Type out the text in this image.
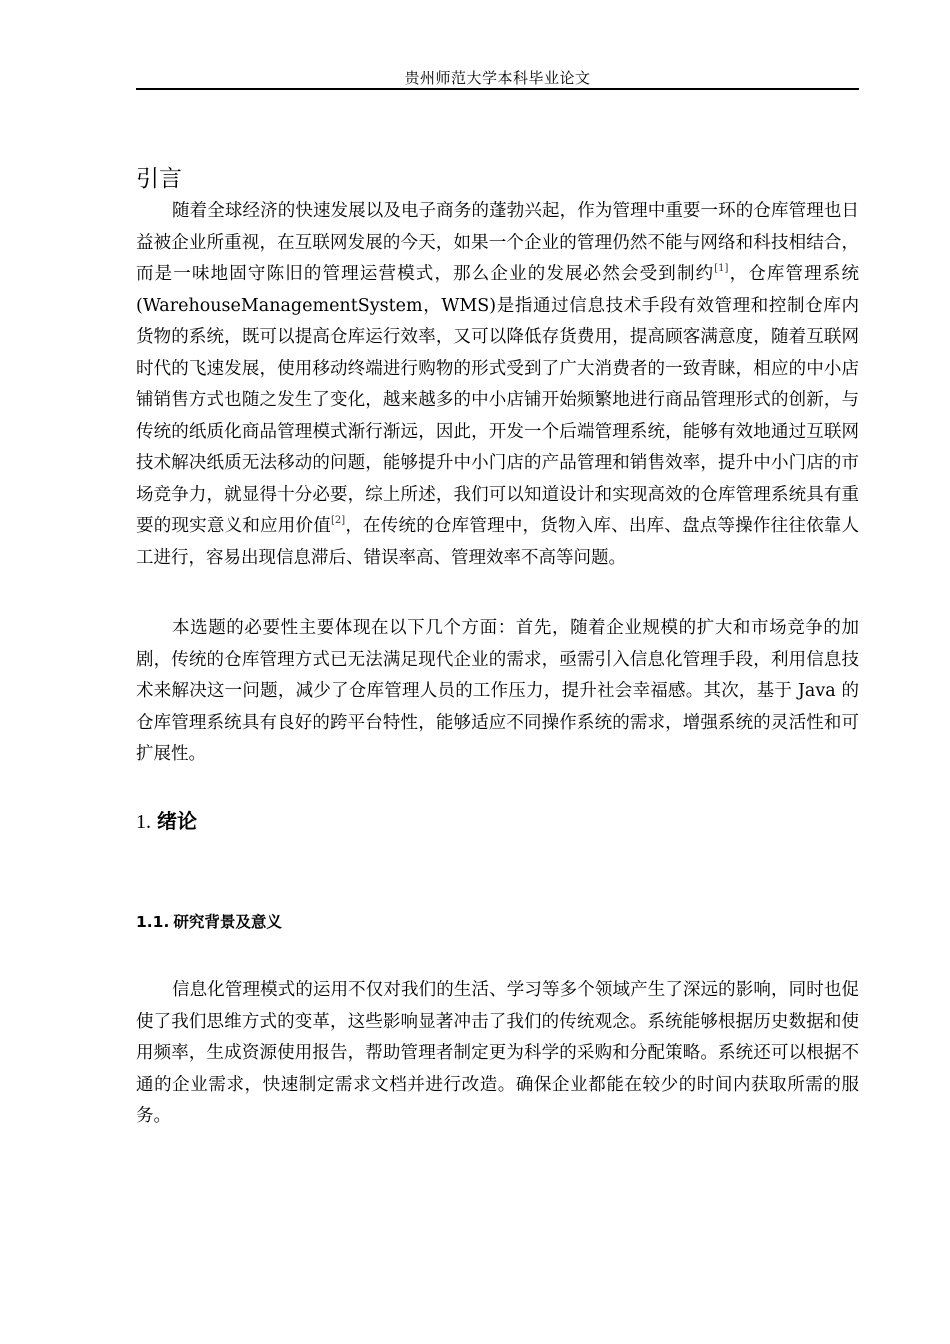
贵州师范大学本科毕业论文
引言

随着全球经济的快速发展以及电子商务的蓬勃兴起，作为管理中重要一环的仓库管理也日益被企业所重视，在互联网发展的今天，如果一个企业的管理仍然不能与网络和科技相结合，而是一味地固守陈旧的管理运营模式，那么企业的发展必然会受到制约[1]，仓库管理系统(WarehouseManagementSystem，WMS)是指通过信息技术手段有效管理和控制仓库内货物的系统，既可以提高仓库运行效率，又可以降低存货费用，提高顾客满意度，随着互联网时代的飞速发展，使用移动终端进行购物的形式受到了广大消费者的一致青睐，相应的中小店铺销售方式也随之发生了变化，越来越多的中小店铺开始频繁地进行商品管理形式的创新，与传统的纸质化商品管理模式渐行渐远，因此，开发一个后端管理系统，能够有效地通过互联网技术解决纸质无法移动的问题，能够提升中小门店的产品管理和销售效率，提升中小门店的市场竞争力，就显得十分必要，综上所述，我们可以知道设计和实现高效的仓库管理系统具有重要的现实意义和应用价值[2]，在传统的仓库管理中，货物入库、出库、盘点等操作往往依靠人工进行，容易出现信息滞后、错误率高、管理效率不高等问题。

本选题的必要性主要体现在以下几个方面：首先，随着企业规模的扩大和市场竞争的加剧，传统的仓库管理方式已无法满足现代企业的需求，亟需引入信息化管理手段，利用信息技术来解决这一问题，减少了仓库管理人员的工作压力，提升社会幸福感。其次，基于 Java 的仓库管理系统具有良好的跨平台特性，能够适应不同操作系统的需求，增强系统的灵活性和可扩展性。

1. 绪论
1.1. 研究背景及意义

信息化管理模式的运用不仅对我们的生活、学习等多个领域产生了深远的影响，同时也促使了我们思维方式的变革，这些影响显著冲击了我们的传统观念。系统能够根据历史数据和使用频率，生成资源使用报告，帮助管理者制定更为科学的采购和分配策略。系统还可以根据不通的企业需求，快速制定需求文档并进行改造。确保企业都能在较少的时间内获取所需的服务。
